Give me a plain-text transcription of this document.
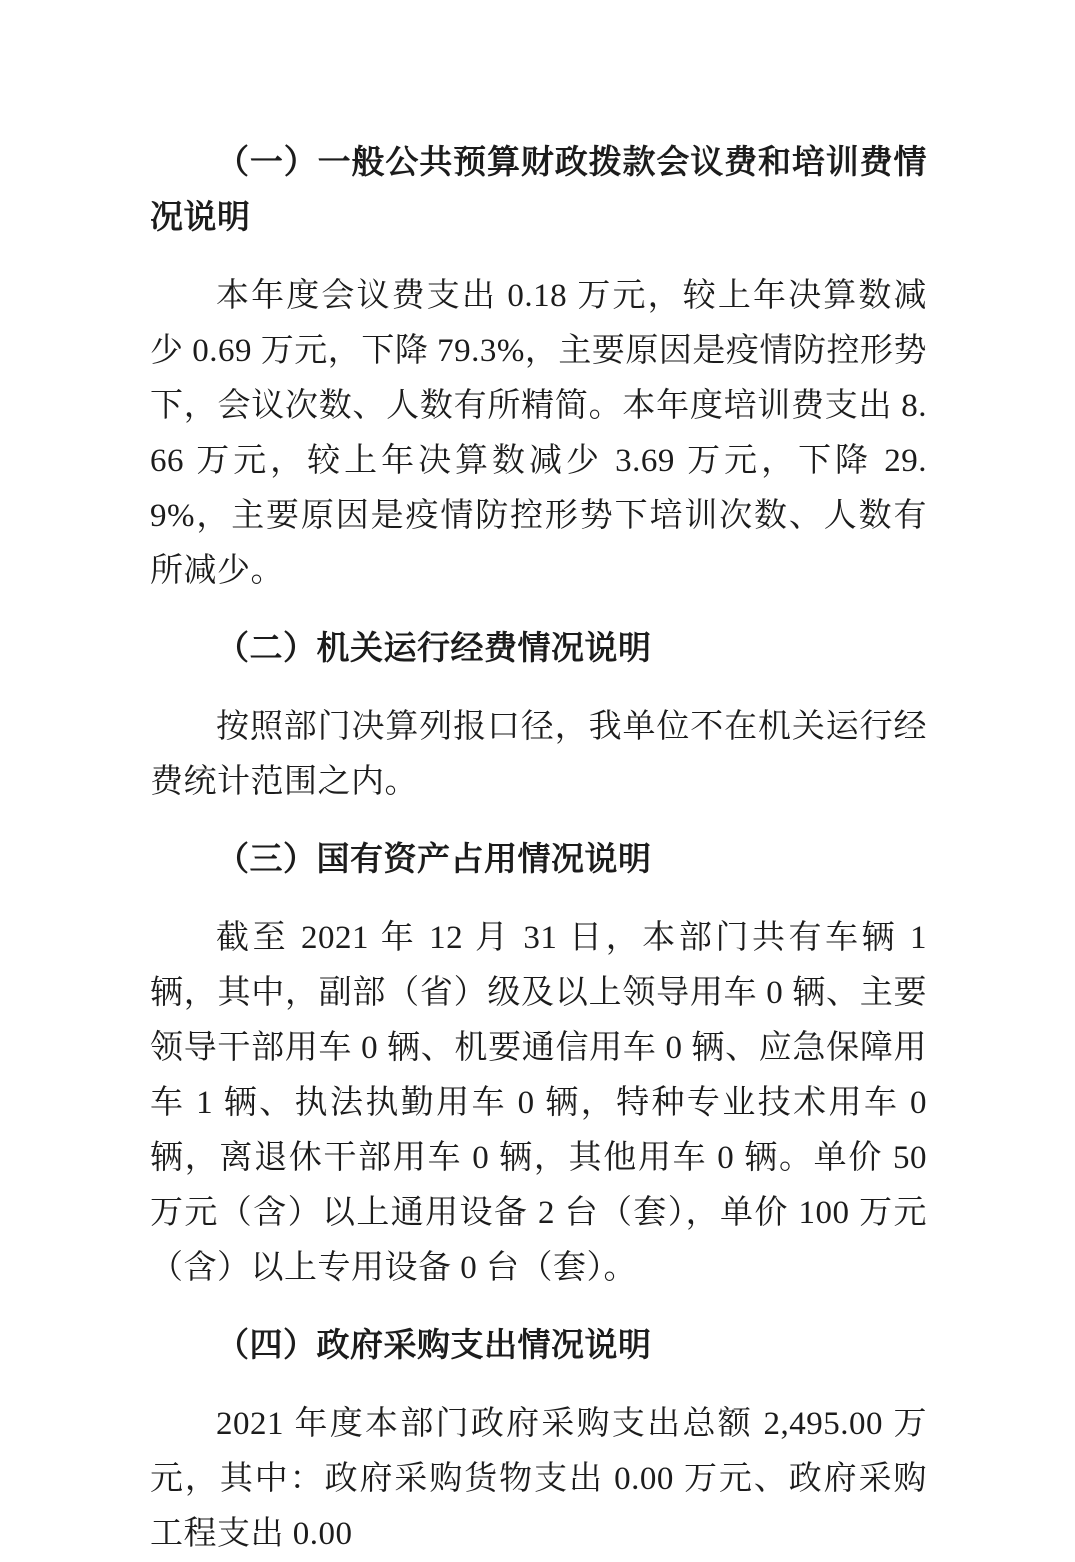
（一）一般公共预算财政拨款会议费和培训费情况说明

本年度会议费支出 0.18 万元，较上年决算数减少 0.69 万元，下降 79.3%，主要原因是疫情防控形势下，会议次数、人数有所精简。本年度培训费支出 8.66 万元，较上年决算数减少 3.69 万元，下降 29.9%，主要原因是疫情防控形势下培训次数、人数有所减少。

（二）机关运行经费情况说明

按照部门决算列报口径，我单位不在机关运行经费统计范围之内。

（三）国有资产占用情况说明

截至 2021 年 12 月 31 日，本部门共有车辆 1 辆，其中，副部（省）级及以上领导用车 0 辆、主要领导干部用车 0 辆、机要通信用车 0 辆、应急保障用车 1 辆、执法执勤用车 0 辆，特种专业技术用车 0 辆，离退休干部用车 0 辆，其他用车 0 辆。单价 50 万元（含）以上通用设备 2 台（套），单价 100 万元（含）以上专用设备 0 台（套）。

（四）政府采购支出情况说明

2021 年度本部门政府采购支出总额 2,495.00 万元，其中：政府采购货物支出 0.00 万元、政府采购工程支出 0.00
